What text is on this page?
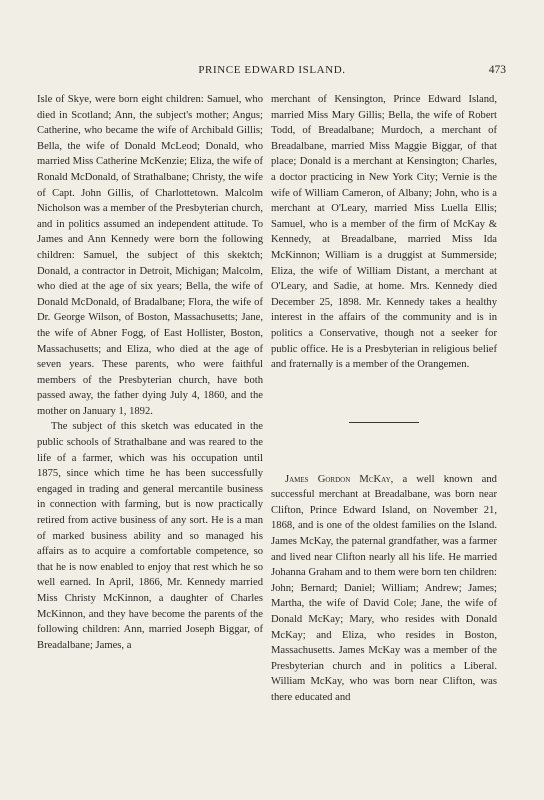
PRINCE EDWARD ISLAND.	473

Isle of Skye, were born eight children: Samuel, who died in Scotland; Ann, the subject's mother; Angus; Catherine, who became the wife of Archibald Gillis; Bella, the wife of Donald McLeod; Donald, who married Miss Catherine McKenzie; Eliza, the wife of Ronald McDonald, of Strathalbane; Christy, the wife of Capt. John Gillis, of Charlottetown. Malcolm Nicholson was a member of the Presbyterian church, and in politics assumed an independent attitude. To James and Ann Kennedy were born the following children: Samuel, the subject of this skektch; Donald, a contractor in Detroit, Michigan; Malcolm, who died at the age of six years; Bella, the wife of Donald McDonald, of Bradalbane; Flora, the wife of Dr. George Wilson, of Boston, Massachusetts; Jane, the wife of Abner Fogg, of East Hollister, Boston, Massachusetts; and Eliza, who died at the age of seven years. These parents, who were faithful members of the Presbyterian church, have both passed away, the father dying July 4, 1860, and the mother on January 1, 1892.

The subject of this sketch was educated in the public schools of Strathalbane and was reared to the life of a farmer, which was his occupation until 1875, since which time he has been successfully engaged in trading and general mercantile business in connection with farming, but is now practically retired from active business of any sort. He is a man of marked business ability and so managed his affairs as to acquire a comfortable competence, so that he is now enabled to enjoy that rest which he so well earned. In April, 1866, Mr. Kennedy married Miss Christy McKinnon, a daughter of Charles McKinnon, and they have become the parents of the following children: Ann, married Joseph Biggar, of Breadalbane; James, a

merchant of Kensington, Prince Edward Island, married Miss Mary Gillis; Bella, the wife of Robert Todd, of Breadalbane; Murdoch, a merchant of Breadalbane, married Miss Maggie Biggar, of that place; Donald is a merchant at Kensington; Charles, a doctor practicing in New York City; Vernie is the wife of William Cameron, of Albany; John, who is a merchant at O'Leary, married Miss Luella Ellis; Samuel, who is a member of the firm of McKay & Kennedy, at Breadalbane, married Miss Ida McKinnon; William is a druggist at Summerside; Eliza, the wife of William Distant, a merchant at O'Leary, and Sadie, at home. Mrs. Kennedy died December 25, 1898. Mr. Kennedy takes a healthy interest in the affairs of the community and is in politics a Conservative, though not a seeker for public office. He is a Presbyterian in religious belief and fraternally is a member of the Orangemen.

James Gordon McKay, a well known and successful merchant at Breadalbane, was born near Clifton, Prince Edward Island, on November 21, 1868, and is one of the oldest families on the Island. James McKay, the paternal grandfather, was a farmer and lived near Clifton nearly all his life. He married Johanna Graham and to them were born ten children: John; Bernard; Daniel; William; Andrew; James; Martha, the wife of David Cole; Jane, the wife of Donald McKay; Mary, who resides with Donald McKay; and Eliza, who resides in Boston, Massachusetts. James McKay was a member of the Presbyterian church and in politics a Liberal. William McKay, who was born near Clifton, was there educated and
